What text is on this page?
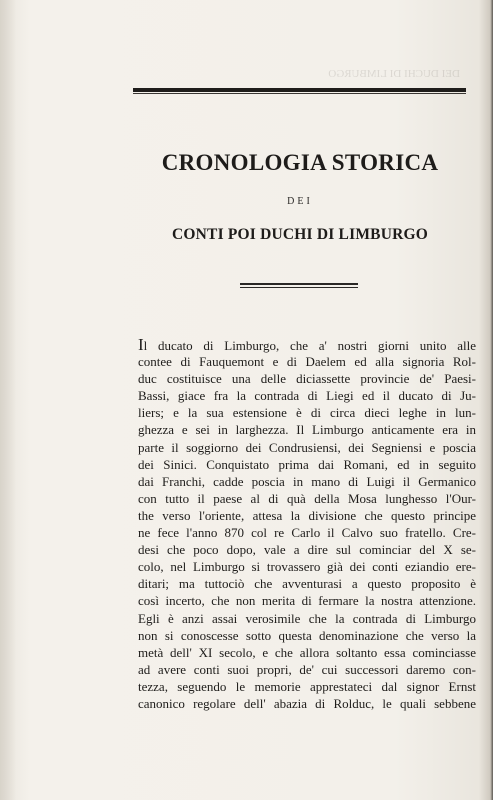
DEI DUCHI DI LIMBURGO
CRONOLOGIA STORICA
DEI
CONTI POI DUCHI DI LIMBURGO
Il ducato di Limburgo, che a' nostri giorni unito alle
contee di Fauquemont e di Daelem ed alla signoria Rol-
duc costituisce una delle diciassette provincie de' Paesi-
Bassi, giace fra la contrada di Liegi ed il ducato di Ju-
liers; e la sua estensione è di circa dieci leghe in lun-
ghezza e sei in larghezza. Il Limburgo anticamente era in
parte il soggiorno dei Condrusiensi, dei Segniensi e poscia
dei Sinici. Conquistato prima dai Romani, ed in seguito
dai Franchi, cadde poscia in mano di Luigi il Germanico
con tutto il paese al di quà della Mosa lunghesso l'Our-
the verso l'oriente, attesa la divisione che questo principe
ne fece l'anno 870 col re Carlo il Calvo suo fratello. Cre-
desi che poco dopo, vale a dire sul cominciar del X se-
colo, nel Limburgo si trovassero già dei conti eziandio ere-
ditari; ma tuttociò che avventurasi a questo proposito è
così incerto, che non merita di fermare la nostra attenzione.
Egli è anzi assai verosimile che la contrada di Limburgo
non si conoscesse sotto questa denominazione che verso la
metà dell' XI secolo, e che allora soltanto essa cominciasse
ad avere conti suoi propri, de' cui successori daremo con-
tezza, seguendo le memorie apprestateci dal signor Ernst
canonico regolare dell' abazia di Rolduc, le quali sebbene
